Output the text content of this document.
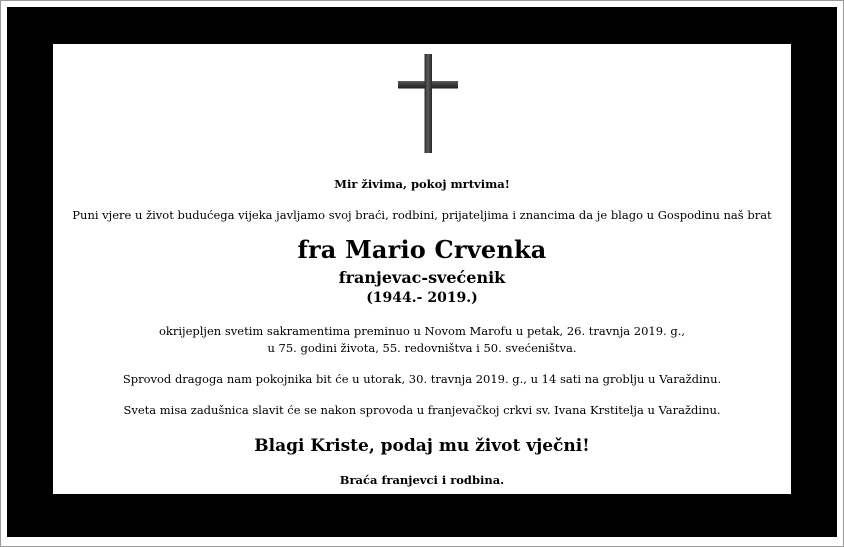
Mir živima, pokoj mrtvima!
Puni vjere u život budućega vijeka javljamo svoj braći, rodbini, prijateljima i znancima da je blago u Gospodinu naš brat
fra Mario Crvenka
franjevac-svećenik
(1944.- 2019.)
okrijepljen svetim sakramentima preminuo u Novom Marofu u petak, 26. travnja 2019. g.,
u 75. godini života, 55. redovništva i 50. svećeništva.
Sprovod dragoga nam pokojnika bit će u utorak, 30. travnja 2019. g., u 14 sati na groblju u Varaždinu.
Sveta misa zadušnica slavit će se nakon sprovoda u franjevačkoj crkvi sv. Ivana Krstitelja u Varaždinu.
Blagi Kriste, podaj mu život vječni!
Braća franjevci i rodbina.
